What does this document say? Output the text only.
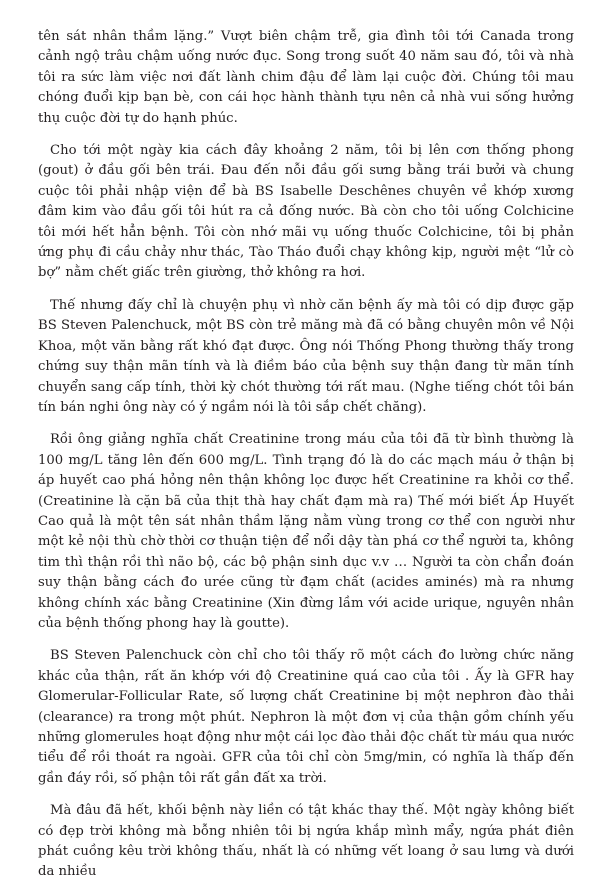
tên sát nhân thầm lặng.” Vượt biên chậm trễ, gia đình tôi tới Canada trong cảnh ngộ trâu chậm uống nước đục. Song trong suốt 40 năm sau đó, tôi và nhà tôi ra sức làm việc nơi đất lành chim đậu để làm lại cuộc đời. Chúng tôi mau chóng đuổi kịp bạn bè, con cái học hành thành tựu nên cả nhà vui sống hưởng thụ cuộc đời tự do hạnh phúc.

Cho tới một ngày kia cách đây khoảng 2 năm, tôi bị lên cơn thống phong (gout) ở đầu gối bên trái. Đau đến nỗi đầu gối sưng bằng trái bưởi và chung cuộc tôi phải nhập viện để bà BS Isabelle Deschênes chuyên về khớp xương đâm kim vào đầu gối tôi hút ra cả đống nước. Bà còn cho tôi uống Colchicine tôi mới hết hẳn bệnh. Tôi còn nhớ mãi vụ uống thuốc Colchicine, tôi bị phản ứng phụ đi cầu chảy như thác, Tào Tháo đuổi chạy không kịp, người mệt “lử cò bợ” nằm chết giấc trên giường, thở không ra hơi.

Thế nhưng đấy chỉ là chuyện phụ vì nhờ căn bệnh ấy mà tôi có dịp được gặp BS Steven Palenchuck, một BS còn trẻ măng mà đã có bằng chuyên môn về Nội Khoa, một văn bằng rất khó đạt được. Ông nói Thống Phong thường thấy trong chứng suy thận mãn tính và là điềm báo của bệnh suy thận đang từ mãn tính chuyển sang cấp tính, thời kỳ chót thường tới rất mau. (Nghe tiếng chót tôi bán tín bán nghi ông này có ý ngầm nói là tôi sắp chết chăng).

Rồi ông giảng nghĩa chất Creatinine trong máu của tôi đã từ bình thường là 100 mg/L tăng lên đến 600 mg/L. Tình trạng đó là do các mạch máu ở thận bị áp huyết cao phá hỏng nên thận không lọc được hết Creatinine ra khỏi cơ thể. (Creatinine là cặn bã của thịt thà hay chất đạm mà ra) Thế mới biết Áp Huyết Cao quả là một tên sát nhân thầm lặng nằm vùng trong cơ thể con người như một kẻ nội thù chờ thời cơ thuận tiện để nổi dậy tàn phá cơ thể người ta, không tim thì thận rồi thì não bộ, các bộ phận sinh dục v.v … Người ta còn chẩn đoán suy thận bằng cách đo urée cũng từ đạm chất (acides aminés) mà ra nhưng không chính xác bằng Creatinine (Xin đừng lầm với acide urique, nguyên nhân của bệnh thống phong hay là goutte).

BS Steven Palenchuck còn chỉ cho tôi thấy rõ một cách đo lường chức năng khác của thận, rất ăn khớp với độ Creatinine quá cao của tôi . Ấy là GFR hay Glomerular-Follicular Rate, số lượng chất Creatinine bị một nephron đào thải (clearance) ra trong một phút. Nephron là một đơn vị của thận gồm chính yếu những glomerules hoạt động như một cái lọc đào thải độc chất từ máu qua nước tiểu để rồi thoát ra ngoài. GFR của tôi chỉ còn 5mg/min, có nghĩa là thấp đến gần đáy rồi, số phận tôi rất gần đất xa trời.

Mà đâu đã hết, khối bệnh này liền có tật khác thay thế. Một ngày không biết có đẹp trời không mà bỗng nhiên tôi bị ngứa khắp mình mẩy, ngứa phát điên phát cuồng kêu trời không thấu, nhất là có những vết loang ở sau lưng và dưới da nhiều
